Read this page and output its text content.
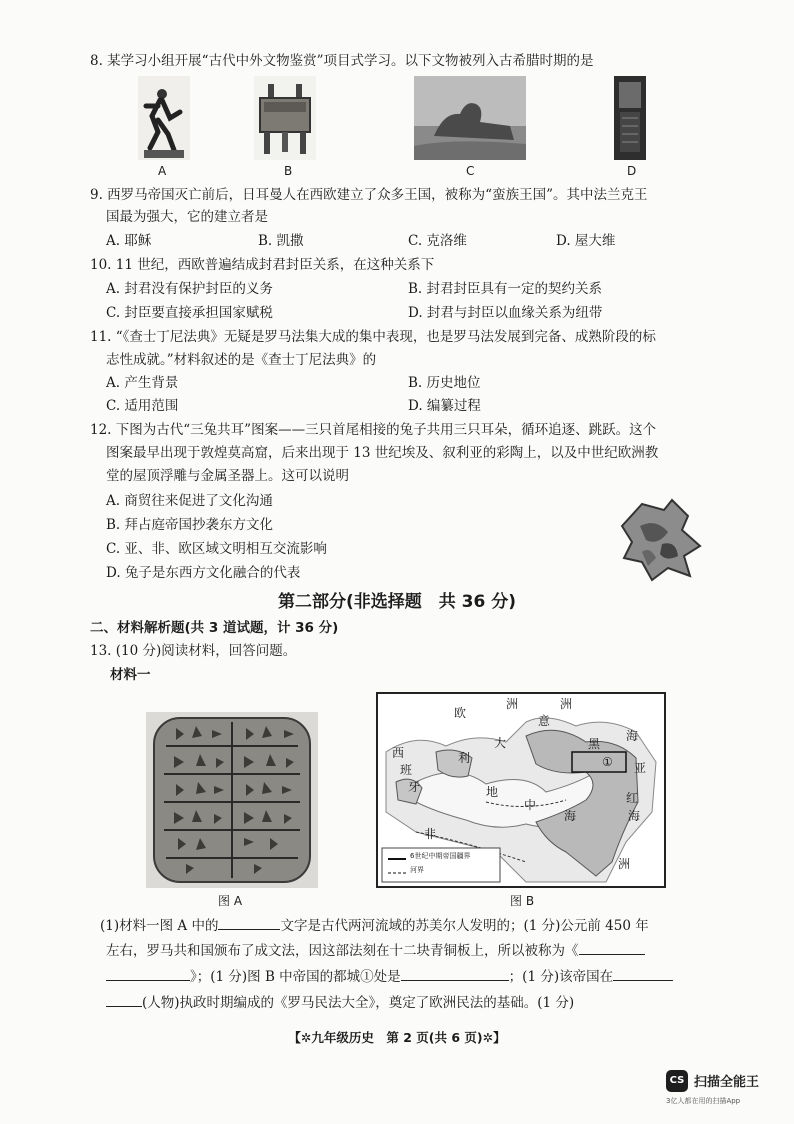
8. 某学习小组开展“古代中外文物鉴赏”项目式学习。以下文物被列入古希腊时期的是
A	B	C	D
9. 西罗马帝国灭亡前后，日耳曼人在西欧建立了众多王国，被称为“蛮族王国”。其中法兰克王
国最为强大，它的建立者是
A. 耶稣	B. 凯撒	C. 克洛维	D. 屋大维
10. 11 世纪，西欧普遍结成封君封臣关系，在这种关系下
A. 封君没有保护封臣的义务	B. 封君封臣具有一定的契约关系
C. 封臣要直接承担国家赋税	D. 封君与封臣以血缘关系为纽带
11. “《查士丁尼法典》无疑是罗马法集大成的集中表现，也是罗马法发展到完备、成熟阶段的标
志性成就。”材料叙述的是《查士丁尼法典》的
A. 产生背景	B. 历史地位
C. 适用范围	D. 编纂过程
12. 下图为古代“三兔共耳”图案——三只首尾相接的兔子共用三只耳朵，循环追逐、跳跃。这个
图案最早出现于敦煌莫高窟，后来出现于 13 世纪埃及、叙利亚的彩陶上，以及中世纪欧洲教
堂的屋顶浮雕与金属圣器上。这可以说明
A. 商贸往来促进了文化沟通
B. 拜占庭帝国抄袭东方文化
C. 亚、非、欧区域文明相互交流影响
D. 兔子是东西方文化融合的代表
第二部分(非选择题　共 36 分)
二、材料解析题(共 3 道试题，计 36 分)
13. (10 分)阅读材料，回答问题。
材料一
图 A
欧
洲	洲
西
班
牙
意
大
利
黑
海
亚
地
中
海
非
洲
红
海
①
6世纪中期帝国疆界
河界
图 B
(1)材料一图 A 中的	文字是古代两河流域的苏美尔人发明的；(1 分)公元前 450 年
左右，罗马共和国颁布了成文法，因这部法刻在十二块青铜板上，所以被称为《
》；(1 分)图 B 中帝国的都城①处是	；(1 分)该帝国在
(人物)执政时期编成的《罗马民法大全》，奠定了欧洲民法的基础。(1 分)
【✲九年级历史　第 2 页(共 6 页)✲】
CS 扫描全能王
3亿人都在用的扫描App
